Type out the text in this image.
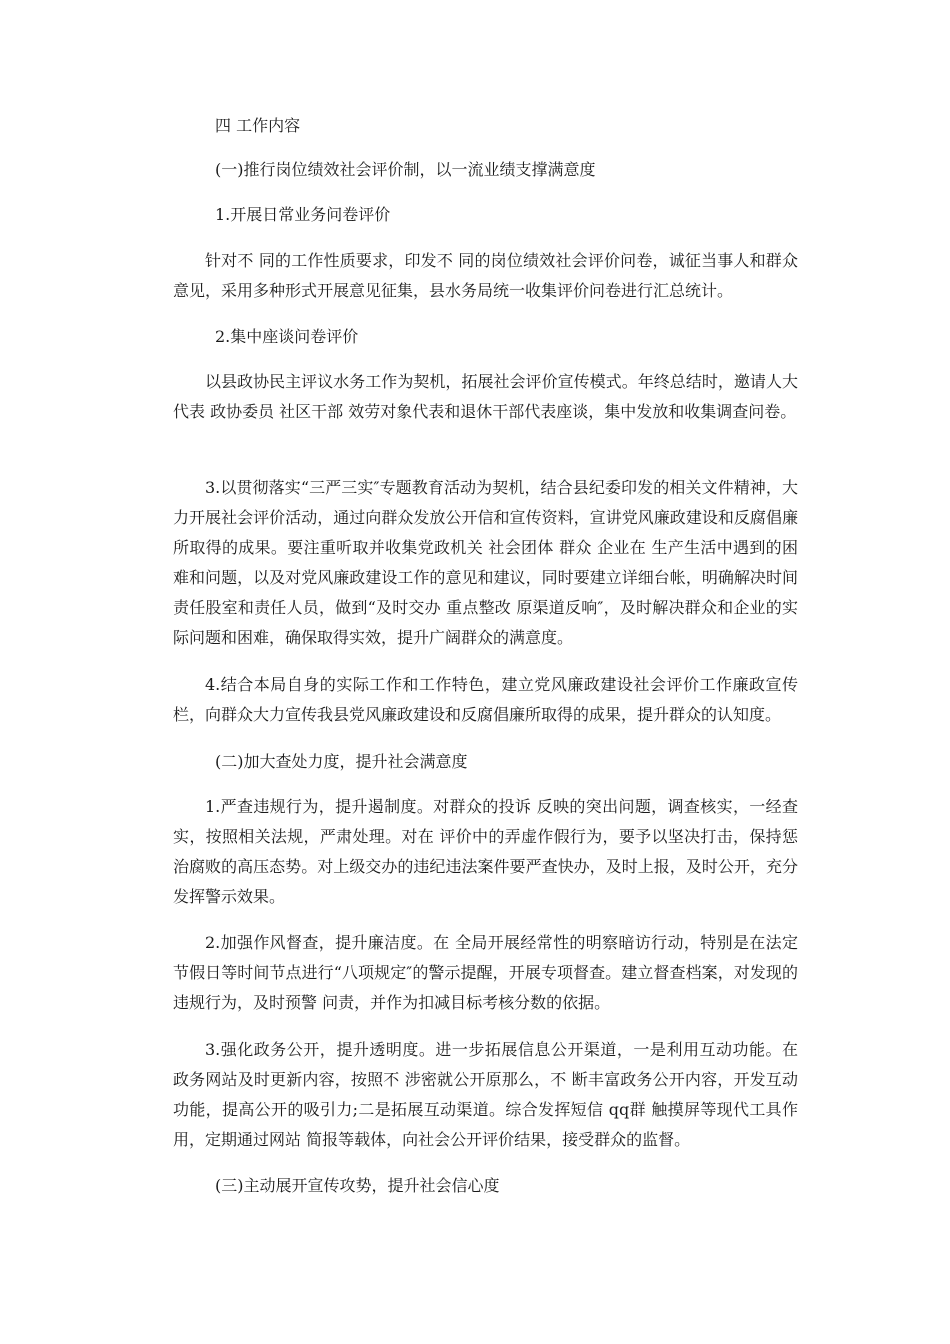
四 工作内容

(一)推行岗位绩效社会评价制，以一流业绩支撑满意度

1.开展日常业务问卷评价

针对不 同的工作性质要求，印发不 同的岗位绩效社会评价问卷，诚征当事人和群众意见，采用多种形式开展意见征集，县水务局统一收集评价问卷进行汇总统计。

2.集中座谈问卷评价

以县政协民主评议水务工作为契机，拓展社会评价宣传模式。年终总结时，邀请人大代表 政协委员 社区干部 效劳对象代表和退休干部代表座谈，集中发放和收集调查问卷。

3.以贯彻落实“三严三实″专题教育活动为契机，结合县纪委印发的相关文件精神，大力开展社会评价活动，通过向群众发放公开信和宣传资料，宣讲党风廉政建设和反腐倡廉所取得的成果。要注重听取并收集党政机关 社会团体 群众 企业在 生产生活中遇到的困难和问题，以及对党风廉政建设工作的意见和建议，同时要建立详细台帐，明确解决时间 责任股室和责任人员，做到“及时交办 重点整改 原渠道反响″，及时解决群众和企业的实际问题和困难，确保取得实效，提升广阔群众的满意度。

4.结合本局自身的实际工作和工作特色，建立党风廉政建设社会评价工作廉政宣传栏，向群众大力宣传我县党风廉政建设和反腐倡廉所取得的成果，提升群众的认知度。

(二)加大查处力度，提升社会满意度

1.严查违规行为，提升遏制度。对群众的投诉 反映的突出问题，调查核实，一经查实，按照相关法规，严肃处理。对在 评价中的弄虚作假行为，要予以坚决打击，保持惩治腐败的高压态势。对上级交办的违纪违法案件要严查快办，及时上报，及时公开，充分发挥警示效果。

2.加强作风督查，提升廉洁度。在 全局开展经常性的明察暗访行动，特别是在法定节假日等时间节点进行“八项规定″的警示提醒，开展专项督查。建立督查档案，对发现的违规行为，及时预警 问责，并作为扣减目标考核分数的依据。

3.强化政务公开，提升透明度。进一步拓展信息公开渠道，一是利用互动功能。在 政务网站及时更新内容，按照不 涉密就公开原那么，不 断丰富政务公开内容，开发互动功能，提高公开的吸引力;二是拓展互动渠道。综合发挥短信 qq群 触摸屏等现代工具作用，定期通过网站 简报等载体，向社会公开评价结果，接受群众的监督。

(三)主动展开宣传攻势，提升社会信心度
